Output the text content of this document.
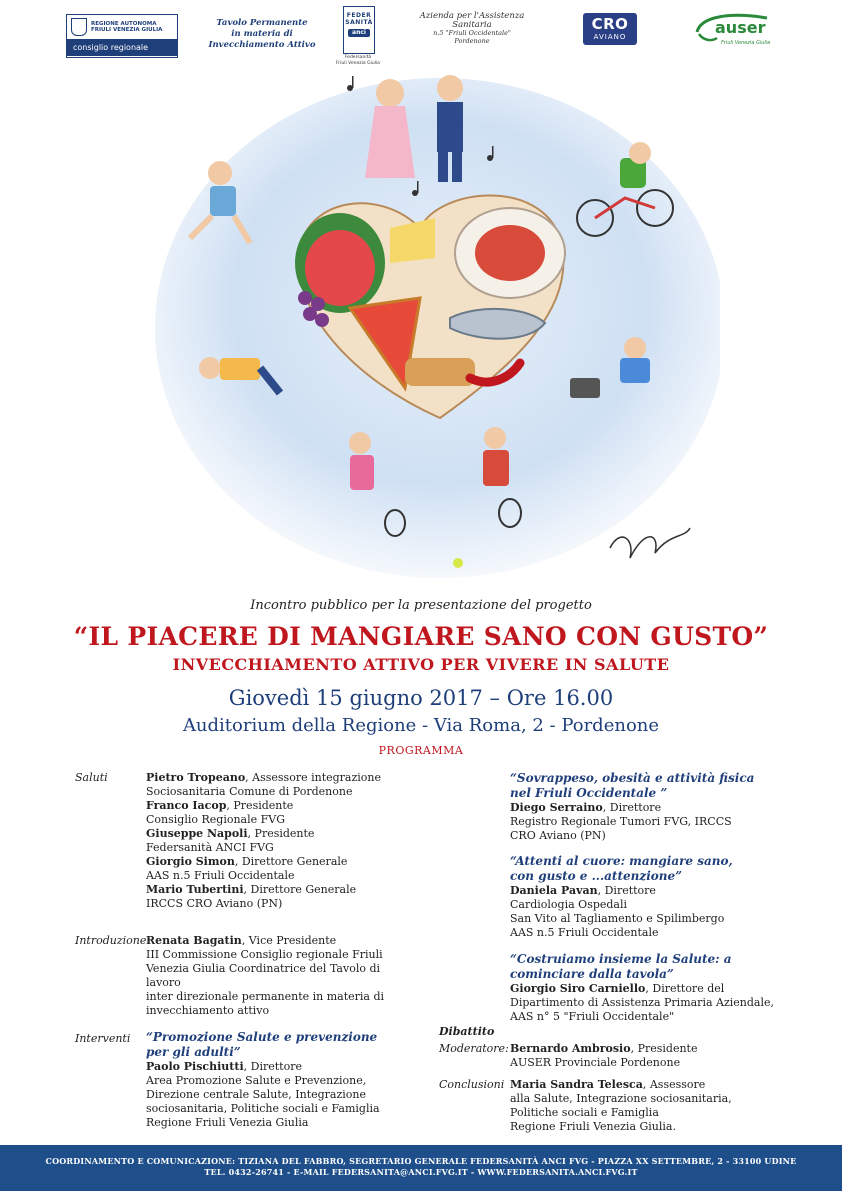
REGIONE AUTONOMA
FRIULI VENEZIA GIULIA
consiglio regionale
Tavolo Permanente
in materia di
Invecchiamento Attivo
FEDER SANITÀ
anci
Federsanità
Friuli Venezia Giulia
Azienda per l'Assistenza Sanitaria
n.5 "Friuli Occidentale"
Pordenone
CRO
AVIANO	auser
Friuli Venezia Giulia
Incontro pubblico per la presentazione del progetto
“IL PIACERE DI MANGIARE SANO CON GUSTO”
INVECCHIAMENTO ATTIVO PER VIVERE IN SALUTE
Giovedì 15 giugno 2017 – Ore 16.00
Auditorium della Regione - Via Roma, 2 - Pordenone
PROGRAMMA
Saluti	Pietro Tropeano, Assessore integrazione
Sociosanitaria Comune di Pordenone
Franco Iacop, Presidente
Consiglio Regionale FVG
Giuseppe Napoli, Presidente
Federsanità ANCI FVG
Giorgio Simon, Direttore Generale
AAS n.5 Friuli Occidentale
Mario Tubertini, Direttore Generale
IRCCS CRO Aviano (PN)
Introduzione Renata Bagatin, Vice Presidente
III Commissione Consiglio regionale Friuli
Venezia Giulia Coordinatrice del Tavolo di lavoro
inter direzionale permanente in materia di
invecchiamento attivo
Interventi “Promozione Salute e prevenzione
per gli adulti”
Paolo Pischiutti, Direttore
Area Promozione Salute e Prevenzione,
Direzione centrale Salute, Integrazione
sociosanitaria, Politiche sociali e Famiglia
Regione Friuli Venezia Giulia
“Sovrappeso, obesità e attività fisica
nel Friuli Occidentale ”
Diego Serraino, Direttore
Registro Regionale Tumori FVG, IRCCS
CRO Aviano (PN)
“Attenti al cuore: mangiare sano,
con gusto e ...attenzione”
Daniela Pavan, Direttore
Cardiologia Ospedali
San Vito al Tagliamento e Spilimbergo
AAS n.5 Friuli Occidentale
“Costruiamo insieme la Salute: a
cominciare dalla tavola”
Giorgio Siro Carniello, Direttore del
Dipartimento di Assistenza Primaria Aziendale,
AAS n° 5 "Friuli Occidentale"
Dibattito
Moderatore: Bernardo Ambrosio, Presidente
AUSER Provinciale Pordenone
Conclusioni Maria Sandra Telesca, Assessore
alla Salute, Integrazione sociosanitaria,
Politiche sociali e Famiglia
Regione Friuli Venezia Giulia.
COORDINAMENTO E COMUNICAZIONE: TIZIANA DEL FABBRO, SEGRETARIO GENERALE FEDERSANITÀ ANCI FVG - PIAZZA XX SETTEMBRE, 2 - 33100 UDINE
TEL. 0432-26741 - E-MAIL FEDERSANITA@ANCI.FVG.IT - WWW.FEDERSANITA.ANCI.FVG.IT
